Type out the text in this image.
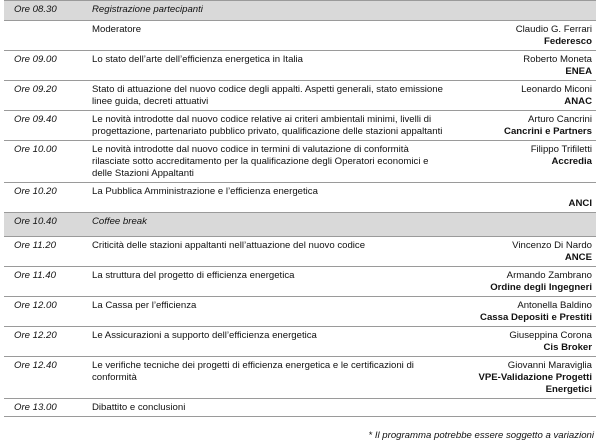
Ore 08.30	Registrazione partecipanti	
	Moderatore	Claudio G. Ferrari
Federesco

Ore 09.00	Lo stato dell’arte dell’efficienza energetica in Italia	Roberto Moneta
ENEA

Ore 09.20	Stato di attuazione del nuovo codice degli appalti. Aspetti generali, stato emissione linee guida, decreti attuativi	Leonardo Miconi
ANAC

Ore 09.40	Le novità introdotte dal nuovo codice relative ai criteri ambientali minimi, livelli di progettazione, partenariato pubblico privato, qualificazione delle stazioni appaltanti	Arturo Cancrini
Cancrini e Partners

Ore 10.00	Le novità introdotte dal nuovo codice in termini di valutazione di conformità rilasciate sotto accreditamento per la qualificazione degli Operatori economici e delle Stazioni Appaltanti	Filippo Trifiletti
Accredia

Ore 10.20	La Pubblica Amministrazione e l’efficienza energetica	ANCI

Ore 10.40	Coffee break	
Ore 11.20	Criticità delle stazioni appaltanti nell’attuazione del nuovo codice	Vincenzo Di Nardo
ANCE

Ore 11.40	La struttura del progetto di efficienza energetica	Armando Zambrano
Ordine degli Ingegneri

Ore 12.00	La Cassa per l’efficienza	Antonella Baldino
Cassa Depositi e Prestiti

Ore 12.20	Le Assicurazioni a supporto dell’efficienza energetica	Giuseppina Corona
Cis Broker

Ore 12.40	Le verifiche tecniche dei progetti di efficienza energetica e le certificazioni di conformità	Giovanni Maraviglia
VPE-Validazione Progetti Energetici

Ore 13.00	Dibattito e conclusioni	
* Il programma potrebbe essere soggetto a variazioni
